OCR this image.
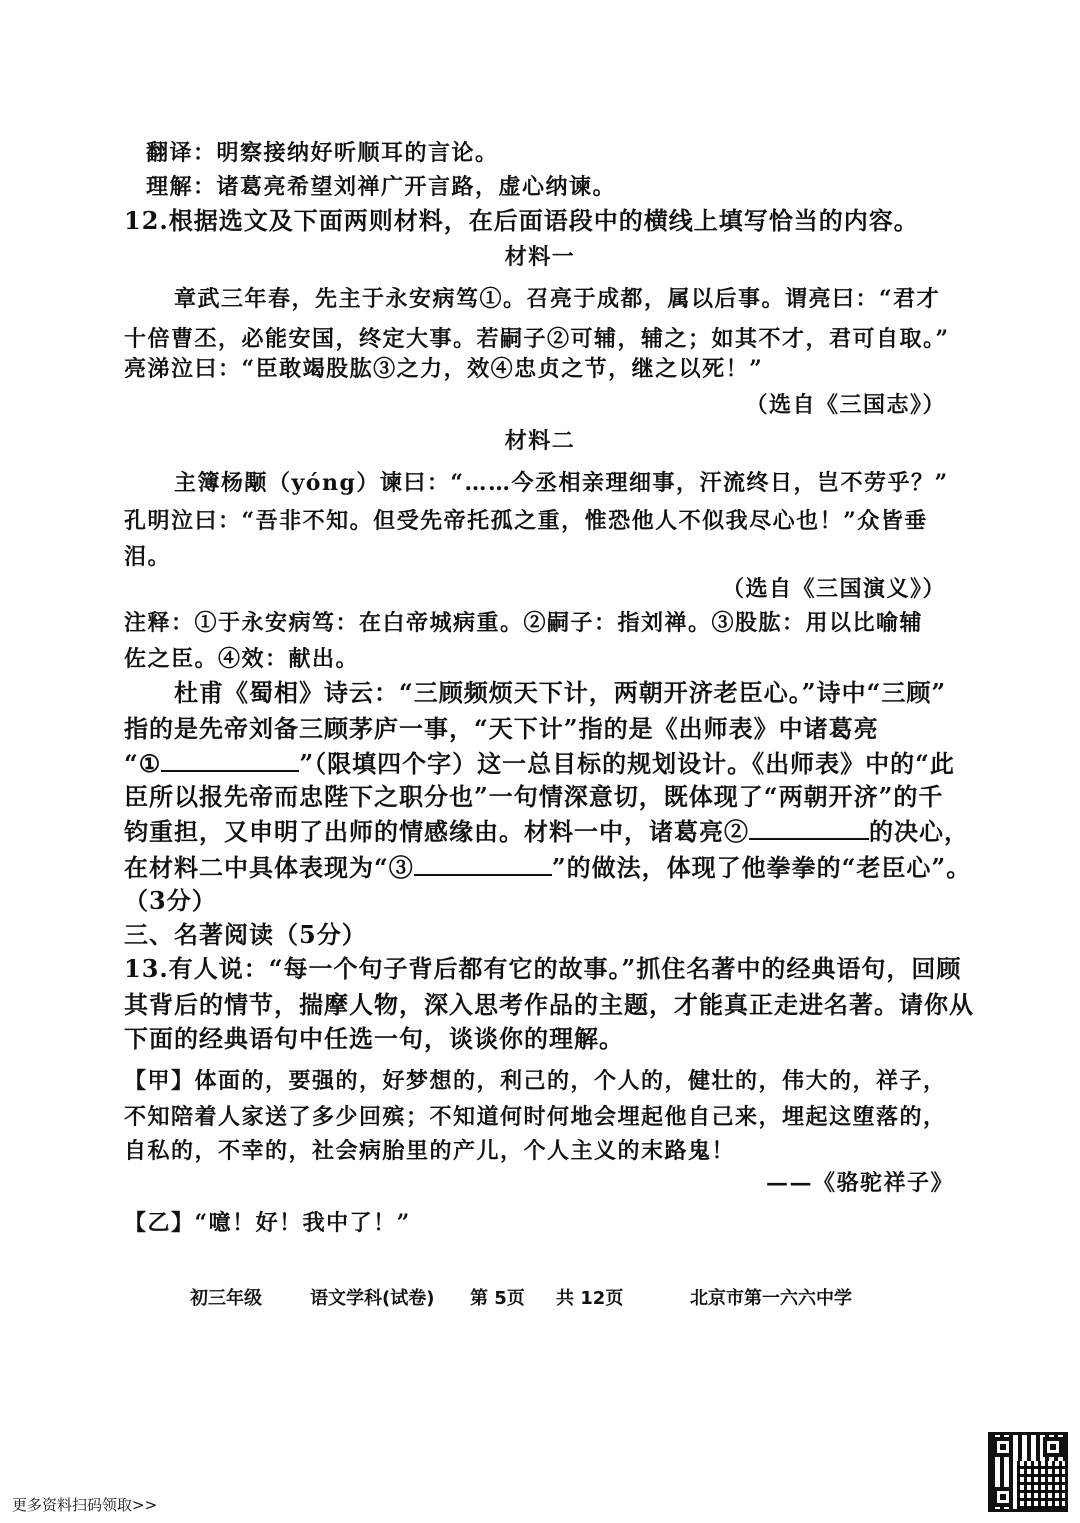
翻译：明察接纳好听顺耳的言论。
理解：诸葛亮希望刘禅广开言路，虚心纳谏。
12.根据选文及下面两则材料，在后面语段中的横线上填写恰当的内容。
材料一
章武三年春，先主于永安病笃①。召亮于成都，属以后事。谓亮曰：“君才
十倍曹丕，必能安国，终定大事。若嗣子②可辅，辅之；如其不才，君可自取。”
亮涕泣曰：“臣敢竭股肱③之力，效④忠贞之节，继之以死！”
（选自《三国志》）
材料二
主簿杨颙（yóng）谏曰：“……今丞相亲理细事，汗流终日，岂不劳乎？”
孔明泣曰：“吾非不知。但受先帝托孤之重，惟恐他人不似我尽心也！”众皆垂
泪。
（选自《三国演义》）
注释：①于永安病笃：在白帝城病重。②嗣子：指刘禅。③股肱：用以比喻辅
佐之臣。④效：献出。
杜甫《蜀相》诗云：“三顾频烦天下计，两朝开济老臣心。”诗中“三顾”
指的是先帝刘备三顾茅庐一事，“天下计”指的是《出师表》中诸葛亮
“①	”（限填四个字）这一总目标的规划设计。《出师表》中的“此
臣所以报先帝而忠陛下之职分也”一句情深意切，既体现了“两朝开济”的千
钧重担，又申明了出师的情感缘由。材料一中，诸葛亮②	的决心，
在材料二中具体表现为“③	”的做法，体现了他拳拳的“老臣心”。
（3分）
三、名著阅读（5分）
13.有人说：“每一个句子背后都有它的故事。”抓住名著中的经典语句，回顾
其背后的情节，揣摩人物，深入思考作品的主题，才能真正走进名著。请你从
下面的经典语句中任选一句，谈谈你的理解。
【甲】体面的，要强的，好梦想的，利己的，个人的，健壮的，伟大的，祥子，
不知陪着人家送了多少回殡；不知道何时何地会埋起他自己来，埋起这堕落的，
自私的，不幸的，社会病胎里的产儿，个人主义的末路鬼！
——《骆驼祥子》
【乙】“噫！好！我中了！”
初三年级	语文学科(试卷) 第 5页 共 12页	北京市第一六六中学
更多资料扫码领取>>
